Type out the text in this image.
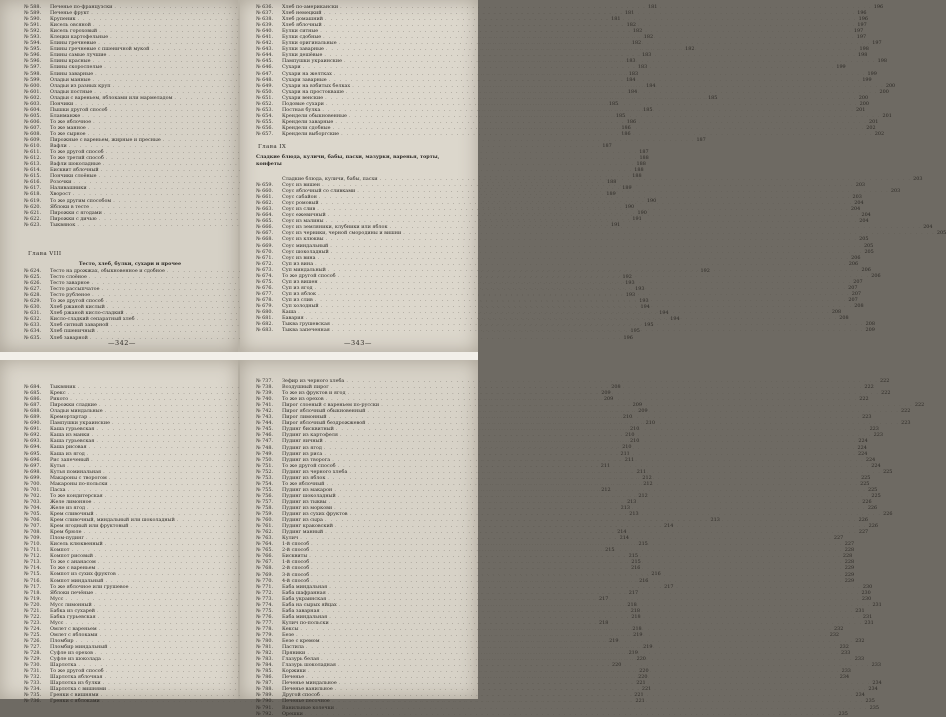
№ 588.	Печенье по-французски . . .	181
№ 589.	Печенье фрукт . . .	181
№ 590.	Крупеник . . .	181
№ 591.	Кисель овсяной . . .	182
№ 592.	Кисель гороховый . . .	182
№ 593.	Клецки картофельные . . .	182
№ 594.	Блины гречневые . . .	182
№ 595.	Блины гречневые с пшеничной мукой . . .	182
№ 596.	Блины самые лучшие . . .	183
№ 596.	Блины красные . . .	183
№ 597.	Блины скороспелые . . .	183
№ 598.	Блины заварные . . .	183
№ 599.	Оладьи манные . . .	184
№ 600.	Оладьи из разных круп . . .	184
№ 601.	Оладьи постные . . .	184
№ 602.	Оладьи с вареньем, яблоками или мармеладом . . .	185
№ 603.	Пончики . . .	185
№ 604.	Пышки другой способ . . .	185
№ 605.	Бланманже . . .	185
№ 606.	То же яблочное . . .	186
№ 607.	То же манное . . .	186
№ 608.	То же сырное . . .	186
№ 609.	Пирожные с вареньем, жирные и пресные . . .	187
№ 610.	Вафли . . .	187
№ 611.	То же другой способ . . .	187
№ 612.	То же третий способ . . .	188
№ 613.	Вафли шоколадные . . .	188
№ 614.	Бисквит яблочный . . .	188
№ 615.	Пончики слоёные . . .	188
№ 616.	Розочки . . .	188
№ 617.	Наливашники . . .	189
№ 618.	Хворост . . .	189
№ 619.	То же другим способом . . .	190
№ 620.	Яблоки в тесте . . .	190
№ 621.	Пирожки с ягодами . . .	190
№ 622.	Пирожки с дичью . . .	191
№ 623.	Тыквянок . . .	191
Глава VIII
Тесто, хлеб, булки, сухари и прочее
№ 624.	Тесто на дрожжах, обыкновенное и сдобное . . .	192
№ 625.	Тесто слоёное . . .	192
№ 626.	Тесто заварное . . .	193
№ 627.	Тесто рассыпчатое . . .	193
№ 628.	Тесто рубленое . . .	193
№ 629.	То же другой способ . . .	193
№ 630.	Хлеб ржаной кислый . . .	194
№ 631.	Хлеб ржаной кисло-сладкий . . .	194
№ 632.	Кисло-сладкий сепаратный хлеб . . .	194
№ 633.	Хлеб ситный заварной . . .	195
№ 634.	Хлеб пшеничный . . .	195
№ 635.	Хлеб заварной . . .	196
—342—
№ 636.	Хлеб по-американски . . .	196
№ 637.	Хлеб немецкий . . .	196
№ 638.	Хлеб домашний . . .	196
№ 639.	Хлеб яблочный . . .	197
№ 640.	Булки ситные . . .	197
№ 641.	Булки сдобные . . .	197
№ 642.	Булки оригинальные . . .	197
№ 643.	Булки заварные . . .	198
№ 644.	Булки дешёвые . . .	198
№ 645.	Пампушки украинские . . .	198
№ 646.	Сухари . . .	199
№ 647.	Сухари на желтках . . .	199
№ 648.	Сухари заварные . . .	199
№ 649.	Сухари на взбитых белках . . .	200
№ 650.	Сухари на простокваше . . .	200
№ 651.	Сухари венские . . .	200
№ 652.	Подовые сухари . . .	200
№ 653.	Постная булка . . .	201
№ 654.	Крендели обыкновенные . . .	201
№ 655.	Крендели заварные . . .	201
№ 656.	Крендели сдобные . . .	202
№ 657.	Крендели выборгские . . .	202
Глава IX
Сладкие блюда, куличи, бабы, пасхи, мазурки, варенья, торты, конфеты
Сладкие блюда, куличи, бабы, пасхи . . .	203
№ 659.	Соус из вишен . . .	203
№ 660.	Соус яблочный со сливками . . .	203
№ 661.	Соус сабайон . . .	203
№ 662.	Соус ромовый . . .	204
№ 663.	Соус из слив . . .	204
№ 664.	Соус ежевичный . . .	204
№ 665.	Соус из малины . . .	204
№ 666.	Соус из земляники, клубники или яблок . . .	204
№ 667.	Соус из черники, черной смородины и вишни . . .	205
№ 668.	Соус из клюквы . . .	205
№ 669.	Соус миндальный . . .	205
№ 670.	Соус шоколадный . . .	205
№ 671.	Соус из вина . . .	206
№ 672.	Суп из вина . . .	206
№ 673.	Суп миндальный . . .	206
№ 674.	То же другой способ . . .	206
№ 675.	Суп из вишен . . .	207
№ 676.	Суп из ягод . . .	207
№ 677.	Суп из яблок . . .	207
№ 678.	Суп из слив . . .	207
№ 679.	Суп холодный . . .	208
№ 680.	Каша . . .	208
№ 681.	Бавария . . .	208
№ 682.	Тыква грушевская . . .	208
№ 683.	Тыква запеченная . . .	209
—343—
№ 684.	Тыквяник . . .	208
№ 685.	Крекс . . .	209
№ 686.	Рикото . . .	209
№ 687.	Пирожки сладкие . . .	209
№ 688.	Оладьи миндальные . . .	209
№ 689.	Кремортартар . . .	210
№ 690.	Пампушки украинские . . .	210
№ 691.	Каша гурьевская . . .	210
№ 692.	Каша из манки . . .	210
№ 693.	Каша гурьевская . . .	210
№ 694.	Каша рисовая . . .	210
№ 695.	Каша из ягод . . .	211
№ 696.	Рис запеченый . . .	211
№ 697.	Кутья . . .	211
№ 698.	Кутья поминальная . . .	211
№ 699.	Макароны с творогом . . .	212
№ 700.	Макароны по-польски . . .	212
№ 701.	Пасха . . .	212
№ 702.	То же кондитерская . . .	212
№ 703.	Желе лимонное . . .	213
№ 704.	Желе из ягод . . .	213
№ 705.	Крем сливочный . . .	213
№ 706.	Крем сливочный, миндальный или шоколадный . . .	213
№ 707.	Крем ягодный или фруктовый . . .	214
№ 708.	Крем брюле . . .	214
№ 709.	Плом-пудинг . . .	214
№ 710.	Кисель клюквенный . . .	215
№ 711.	Компот . . .	215
№ 712.	Компот рисовый . . .	215
№ 713.	То же с ананасом . . .	215
№ 714.	То же с вареньем . . .	216
№ 715.	Компот из сухих фруктов . . .	216
№ 716.	Компот миндальный . . .	216
№ 717.	То же яблочное или грушевое . . .	217
№ 718.	Яблоки печёные . . .	217
№ 719.	Мусс . . .	217
№ 720.	Мусс лимонный . . .	218
№ 721.	Бабка из сухарей . . .	218
№ 722.	Бабка гурьевская . . .	218
№ 723.	Мусс . . .	218
№ 724.	Омлет с вареньем . . .	218
№ 725.	Омлет с яблоками . . .	219
№ 726.	Пломбир . . .	219
№ 727.	Пломбир миндальный . . .	219
№ 728.	Суфле из орехов . . .	219
№ 729.	Суфле из шоколада . . .	220
№ 730.	Шарлотка . . .	220
№ 731.	То же другой способ . . .	220
№ 732.	Шарлотка яблочная . . .	220
№ 733.	Шарлотка из булки . . .	221
№ 734.	Шарлотка с вишнями . . .	221
№ 735.	Гренки с вишнями . . .	221
№ 736.	Гренки с яблоками . . .	221
№ 737.	Зефир из черного хлеба . . .	222
№ 738.	Воздушный пирог . . .	222
№ 739.	То же из фруктов и ягод . . .	222
№ 740.	То же из орехов . . .	222
№ 741.	Пирог слоеный с вареньем по-русски . . .	222
№ 742.	Пирог яблочный обыкновенный . . .	222
№ 743.	Пирог лимонный . . .	223
№ 744.	Пирог яблочный бездрожжевой . . .	223
№ 745.	Пудинг бисквитный . . .	223
№ 746.	Пудинг из картофеля . . .	223
№ 747.	Пудинг яичный . . .	224
№ 748.	Пудинг из ягод . . .	224
№ 749.	Пудинг из риса . . .	224
№ 750.	Пудинг из творога . . .	224
№ 751.	То же другой способ . . .	224
№ 752.	Пудинг из черного хлеба . . .	225
№ 753.	Пудинг из яблок . . .	225
№ 754.	То же яблочный . . .	225
№ 755.	Пудинг из макарон . . .	225
№ 756.	Пудинг шоколадный . . .	225
№ 757.	Пудинг из тыквы . . .	226
№ 758.	Пудинг из моркови . . .	226
№ 759.	Пудинг из сухих фруктов . . .	226
№ 760.	Пудинг из сыра . . .	226
№ 761.	Пудинг краковский . . .	226
№ 762.	Пудинг манный . . .	227
№ 763.	Кулич . . .	227
№ 764.	1-й способ . . .	227
№ 765.	2-й способ . . .	228
№ 766.	Бисквиты . . .	228
№ 767.	1-й способ . . .	228
№ 768.	2-й способ . . .	229
№ 769.	3-й способ . . .	229
№ 770.	4-й способ . . .	229
№ 771.	Баба миндальная . . .	230
№ 772.	Баба шафранная . . .	230
№ 773.	Баба украинская . . .	230
№ 774.	Баба на сырых яйцах . . .	231
№ 775.	Баба заварная . . .	231
№ 776.	Баба миндальная . . .	231
№ 777.	Кулич по-польски . . .	231
№ 778.	Кексы . . .	232
№ 779.	Безе . . .	232
№ 780.	Безе с кремом . . .	232
№ 781.	Пастила . . .	232
№ 782.	Пряники . . .	233
№ 783.	Глазурь белая . . .	233
№ 784.	Глазурь шоколадная . . .	233
№ 785.	Коржики . . .	233
№ 786.	Печенье . . .	234
№ 787.	Печенье миндальное . . .	234
№ 788.	Печенье ванильное . . .	234
№ 789.	Другой способ . . .	234
№ 790.	Печенье песочное . . .	235
№ 791.	Ванильные колечки . . .	235
№ 792.	Орешки . . .	235
